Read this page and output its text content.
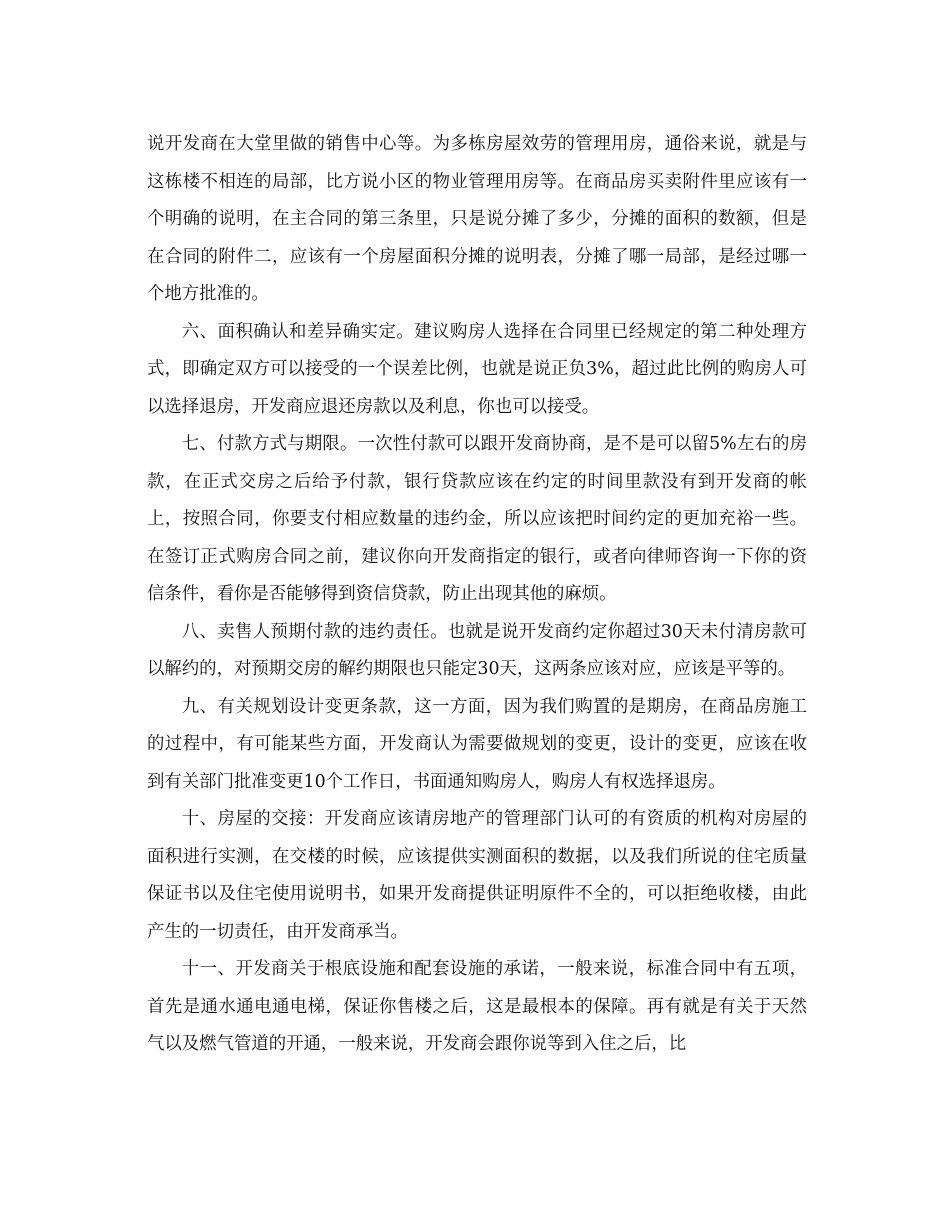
说开发商在大堂里做的销售中心等。为多栋房屋效劳的管理用房，通俗来说，就是与这栋楼不相连的局部，比方说小区的物业管理用房等。在商品房买卖附件里应该有一个明确的说明，在主合同的第三条里，只是说分摊了多少，分摊的面积的数额，但是在合同的附件二，应该有一个房屋面积分摊的说明表，分摊了哪一局部，是经过哪一个地方批准的。

六、面积确认和差异确实定。建议购房人选择在合同里已经规定的第二种处理方式，即确定双方可以接受的一个误差比例，也就是说正负3%，超过此比例的购房人可以选择退房，开发商应退还房款以及利息，你也可以接受。

七、付款方式与期限。一次性付款可以跟开发商协商，是不是可以留5%左右的房款，在正式交房之后给予付款，银行贷款应该在约定的时间里款没有到开发商的帐上，按照合同，你要支付相应数量的违约金，所以应该把时间约定的更加充裕一些。在签订正式购房合同之前，建议你向开发商指定的银行，或者向律师咨询一下你的资信条件，看你是否能够得到资信贷款，防止出现其他的麻烦。

八、卖售人预期付款的违约责任。也就是说开发商约定你超过30天未付清房款可以解约的，对预期交房的解约期限也只能定30天，这两条应该对应，应该是平等的。

九、有关规划设计变更条款，这一方面，因为我们购置的是期房，在商品房施工的过程中，有可能某些方面，开发商认为需要做规划的变更，设计的变更，应该在收到有关部门批准变更10个工作日，书面通知购房人，购房人有权选择退房。

十、房屋的交接：开发商应该请房地产的管理部门认可的有资质的机构对房屋的面积进行实测，在交楼的时候，应该提供实测面积的数据，以及我们所说的住宅质量保证书以及住宅使用说明书，如果开发商提供证明原件不全的，可以拒绝收楼，由此产生的一切责任，由开发商承当。

十一、开发商关于根底设施和配套设施的承诺，一般来说，标准合同中有五项，首先是通水通电通电梯，保证你售楼之后，这是最根本的保障。再有就是有关于天然气以及燃气管道的开通，一般来说，开发商会跟你说等到入住之后，比
